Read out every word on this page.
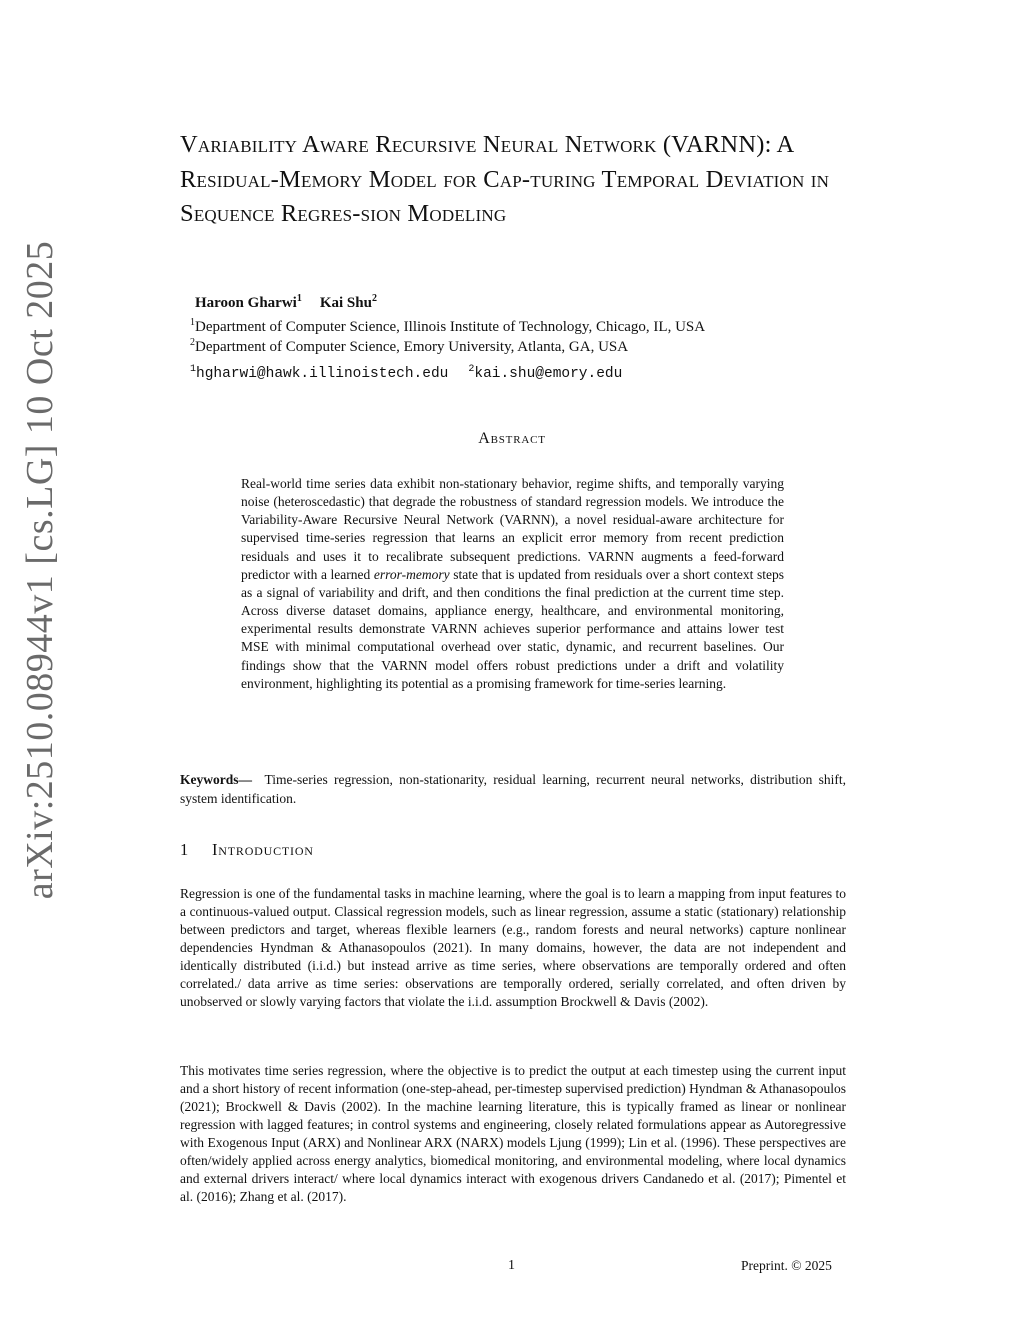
arXiv:2510.08944v1 [cs.LG] 10 Oct 2025
Variability Aware Recursive Neural Network (VARNN): A Residual-Memory Model for Cap-turing Temporal Deviation in Sequence Regres-sion Modeling

Haroon Gharwi$^1$ Kai Shu$^2$

$^1$Department of Computer Science, Illinois Institute of Technology, Chicago, IL, USA

$^2$Department of Computer Science, Emory University, Atlanta, GA, USA

$^1$hgharwi@hawk.illinoistech.edu $^2$kai.shu@emory.edu

Abstract

Real-world time series data exhibit non-stationary behavior, regime shifts, and temporally varying noise (heteroscedastic) that degrade the robustness of standard regression models. We introduce the Variability-Aware Recursive Neural Network (VARNN), a novel residual-aware architecture for supervised time-series regression that learns an explicit error memory from recent prediction residuals and uses it to recalibrate subsequent predictions. VARNN augments a feed-forward predictor with a learned error-memory state that is updated from residuals over a short context steps as a signal of variability and drift, and then conditions the final prediction at the current time step. Across diverse dataset domains, appliance energy, healthcare, and environmental monitoring, experimental results demonstrate VARNN achieves superior performance and attains lower test MSE with minimal computational overhead over static, dynamic, and recurrent baselines. Our findings show that the VARNN model offers robust predictions under a drift and volatility environment, highlighting its potential as a promising framework for time-series learning.

Keywords— Time-series regression, non-stationarity, residual learning, recurrent neural networks, distribution shift, system identification.

1 Introduction

Regression is one of the fundamental tasks in machine learning, where the goal is to learn a mapping from input features to a continuous-valued output. Classical regression models, such as linear regression, assume a static (stationary) relationship between predictors and target, whereas flexible learners (e.g., random forests and neural networks) capture nonlinear dependencies Hyndman & Athanasopoulos (2021). In many domains, however, the data are not independent and identically distributed (i.i.d.) but instead arrive as time series, where observations are temporally ordered and often correlated./ data arrive as time series: observations are temporally ordered, serially correlated, and often driven by unobserved or slowly varying factors that violate the i.i.d. assumption Brockwell & Davis (2002).

This motivates time series regression, where the objective is to predict the output at each timestep using the current input and a short history of recent information (one-step-ahead, per-timestep supervised prediction) Hyndman & Athanasopoulos (2021); Brockwell & Davis (2002). In the machine learning literature, this is typically framed as linear or nonlinear regression with lagged features; in control systems and engineering, closely related formulations appear as Autoregressive with Exogenous Input (ARX) and Nonlinear ARX (NARX) models Ljung (1999); Lin et al. (1996). These perspectives are often/widely applied across energy analytics, biomedical monitoring, and environmental modeling, where local dynamics and external drivers interact/ where local dynamics interact with exogenous drivers Candanedo et al. (2017); Pimentel et al. (2016); Zhang et al. (2017).

1	Preprint. © 2025
